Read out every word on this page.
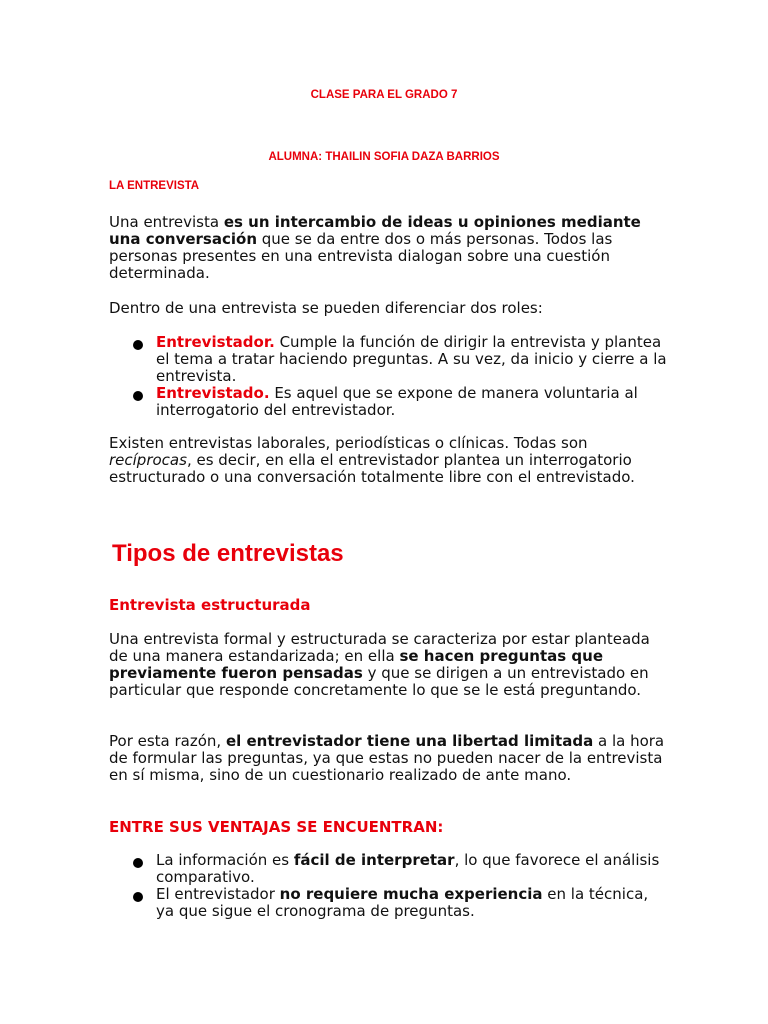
CLASE PARA EL GRADO 7
ALUMNA: THAILIN SOFIA DAZA BARRIOS
LA ENTREVISTA

Una entrevista es un intercambio de ideas u opiniones mediante una conversación que se da entre dos o más personas. Todos las personas presentes en una entrevista dialogan sobre una cuestión determinada.

Dentro de una entrevista se pueden diferenciar dos roles:

Entrevistador. Cumple la función de dirigir la entrevista y plantea el tema a tratar haciendo preguntas. A su vez, da inicio y cierre a la entrevista.
Entrevistado. Es aquel que se expone de manera voluntaria al interrogatorio del entrevistador.

Existen entrevistas laborales, periodísticas o clínicas. Todas son recíprocas, es decir, en ella el entrevistador plantea un interrogatorio estructurado o una conversación totalmente libre con el entrevistado.

Tipos de entrevistas
Entrevista estructurada

Una entrevista formal y estructurada se caracteriza por estar planteada de una manera estandarizada; en ella se hacen preguntas que previamente fueron pensadas y que se dirigen a un entrevistado en particular que responde concretamente lo que se le está preguntando.

Por esta razón, el entrevistador tiene una libertad limitada a la hora de formular las preguntas, ya que estas no pueden nacer de la entrevista en sí misma, sino de un cuestionario realizado de ante mano.

ENTRE SUS VENTAJAS SE ENCUENTRAN:
La información es fácil de interpretar, lo que favorece el análisis comparativo.
El entrevistador no requiere mucha experiencia en la técnica, ya que sigue el cronograma de preguntas.
